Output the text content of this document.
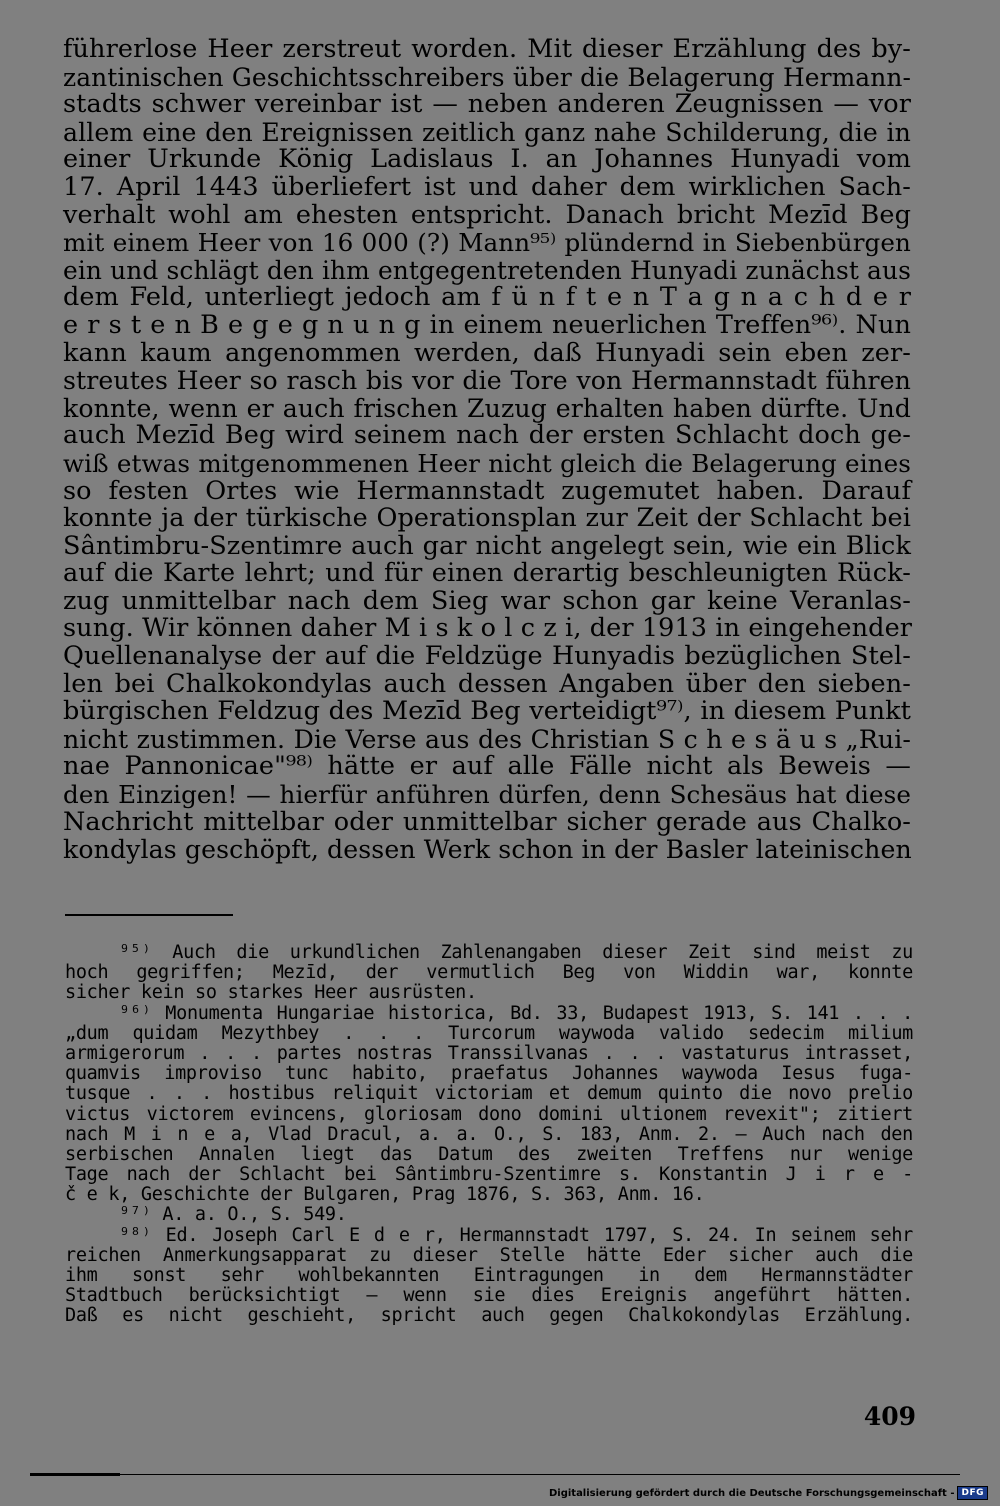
führerlose Heer zerstreut worden. Mit dieser Erzählung des by-
zantinischen Geschichtsschreibers über die Belagerung Hermann-
stadts schwer vereinbar ist — neben anderen Zeugnissen — vor
allem eine den Ereignissen zeitlich ganz nahe Schilderung, die in
einer Urkunde König Ladislaus I. an Johannes Hunyadi vom
17. April 1443 überliefert ist und daher dem wirklichen Sach-
verhalt wohl am ehesten entspricht. Danach bricht Mezīd Beg
mit einem Heer von 16 000 (?) Mann⁹⁵⁾ plündernd in Siebenbürgen
ein und schlägt den ihm entgegentretenden Hunyadi zunächst aus
dem Feld, unterliegt jedoch am f ü n f t e n T a g n a c h d e r
e r s t e n B e g e g n u n g in einem neuerlichen Treffen⁹⁶⁾. Nun
kann kaum angenommen werden, daß Hunyadi sein eben zer-
streutes Heer so rasch bis vor die Tore von Hermannstadt führen
konnte, wenn er auch frischen Zuzug erhalten haben dürfte. Und
auch Mezīd Beg wird seinem nach der ersten Schlacht doch ge-
wiß etwas mitgenommenen Heer nicht gleich die Belagerung eines
so festen Ortes wie Hermannstadt zugemutet haben. Darauf
konnte ja der türkische Operationsplan zur Zeit der Schlacht bei
Sântimbru-Szentimre auch gar nicht angelegt sein, wie ein Blick
auf die Karte lehrt; und für einen derartig beschleunigten Rück-
zug unmittelbar nach dem Sieg war schon gar keine Veranlas-
sung. Wir können daher M i s k o l c z i, der 1913 in eingehender
Quellenanalyse der auf die Feldzüge Hunyadis bezüglichen Stel-
len bei Chalkokondylas auch dessen Angaben über den sieben-
bürgischen Feldzug des Mezīd Beg verteidigt⁹⁷⁾, in diesem Punkt
nicht zustimmen. Die Verse aus des Christian S c h e s ä u s „Rui-
nae Pannonicae"⁹⁸⁾ hätte er auf alle Fälle nicht als Beweis —
den Einzigen! — hierfür anführen dürfen, denn Schesäus hat diese
Nachricht mittelbar oder unmittelbar sicher gerade aus Chalko-
kondylas geschöpft, dessen Werk schon in der Basler lateinischen
⁹⁵⁾ Auch die urkundlichen Zahlenangaben dieser Zeit sind meist zu
hoch gegriffen; Mezīd, der vermutlich Beg von Widdin war, konnte
sicher kein so starkes Heer ausrüsten.
⁹⁶⁾ Monumenta Hungariae historica, Bd. 33, Budapest 1913, S. 141 . . .
„dum quidam Mezythbey . . . Turcorum waywoda valido sedecim milium
armigerorum . . . partes nostras Transsilvanas . . . vastaturus intrasset,
quamvis improviso tunc habito, praefatus Johannes waywoda Iesus fuga-
tusque . . . hostibus reliquit victoriam et demum quinto die novo prelio
victus victorem evincens, gloriosam dono domini ultionem revexit"; zitiert
nach M i n e a, Vlad Dracul, a. a. O., S. 183, Anm. 2. — Auch nach den
serbischen Annalen liegt das Datum des zweiten Treffens nur wenige
Tage nach der Schlacht bei Sântimbru-Szentimre s. Konstantin J i r e -
č e k, Geschichte der Bulgaren, Prag 1876, S. 363, Anm. 16.
⁹⁷⁾ A. a. O., S. 549.
⁹⁸⁾ Ed. Joseph Carl E d e r, Hermannstadt 1797, S. 24. In seinem sehr
reichen Anmerkungsapparat zu dieser Stelle hätte Eder sicher auch die
ihm sonst sehr wohlbekannten Eintragungen in dem Hermannstädter
Stadtbuch berücksichtigt — wenn sie dies Ereignis angeführt hätten.
Daß es nicht geschieht, spricht auch gegen Chalkokondylas Erzählung.
409
Digitalisierung gefördert durch die Deutsche Forschungsgemeinschaft - DFG
